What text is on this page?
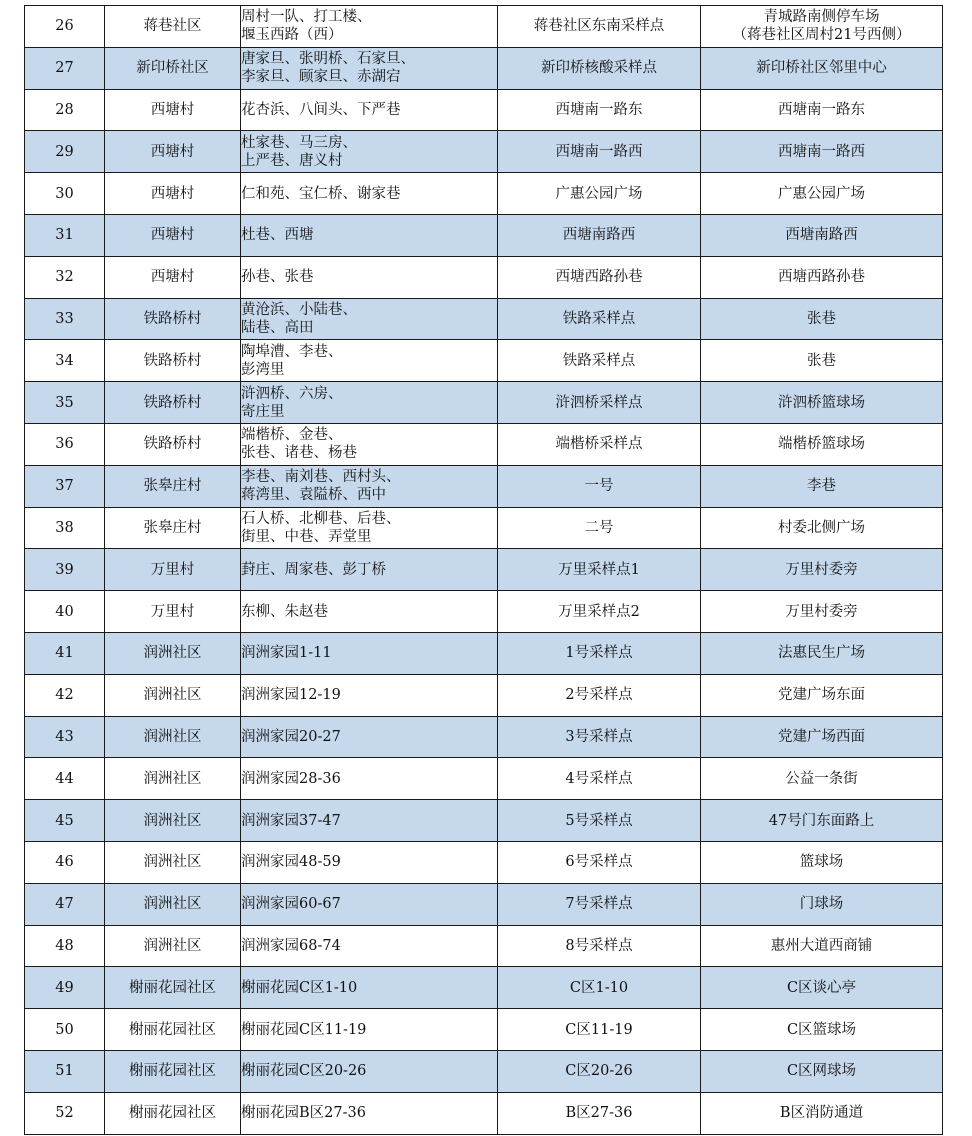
26	蒋巷社区	周村一队、打工楼、
堰玉西路（西）	蒋巷社区东南采样点	青城路南侧停车场
（蒋巷社区周村21号西侧）

27	新印桥社区	唐家旦、张明桥、石家旦、
李家旦、顾家旦、赤湖宕	新印桥核酸采样点	新印桥社区邻里中心
28	西塘村	花杏浜、八间头、下严巷	西塘南一路东	西塘南一路东
29	西塘村	杜家巷、马三房、
上严巷、唐义村	西塘南一路西	西塘南一路西
30	西塘村	仁和苑、宝仁桥、谢家巷	广惠公园广场	广惠公园广场
31	西塘村	杜巷、西塘	西塘南路西	西塘南路西
32	西塘村	孙巷、张巷	西塘西路孙巷	西塘西路孙巷
33	铁路桥村	黄沧浜、小陆巷、
陆巷、高田	铁路采样点	张巷
34	铁路桥村	陶埠漕、李巷、
彭湾里	铁路采样点	张巷
35	铁路桥村	浒泗桥、六房、
寄庄里	浒泗桥采样点	浒泗桥篮球场
36	铁路桥村	端楷桥、金巷、
张巷、诸巷、杨巷	端楷桥采样点	端楷桥篮球场
37	张皋庄村	李巷、南刘巷、西村头、
蒋湾里、袁隘桥、西中	一号	李巷
38	张皋庄村	石人桥、北柳巷、后巷、
街里、中巷、弄堂里	二号	村委北侧广场
39	万里村	葑庄、周家巷、彭丁桥	万里采样点1	万里村委旁
40	万里村	东柳、朱赵巷	万里采样点2	万里村委旁
41	润洲社区	润洲家园1-11	1号采样点	法惠民生广场
42	润洲社区	润洲家园12-19	2号采样点	党建广场东面
43	润洲社区	润洲家园20-27	3号采样点	党建广场西面
44	润洲社区	润洲家园28-36	4号采样点	公益一条街
45	润洲社区	润洲家园37-47	5号采样点	47号门东面路上
46	润洲社区	润洲家园48-59	6号采样点	篮球场
47	润洲社区	润洲家园60-67	7号采样点	门球场
48	润洲社区	润洲家园68-74	8号采样点	惠州大道西商铺
49	榭丽花园社区	榭丽花园C区1-10	C区1-10	C区谈心亭
50	榭丽花园社区	榭丽花园C区11-19	C区11-19	C区篮球场
51	榭丽花园社区	榭丽花园C区20-26	C区20-26	C区网球场
52	榭丽花园社区	榭丽花园B区27-36	B区27-36	B区消防通道
